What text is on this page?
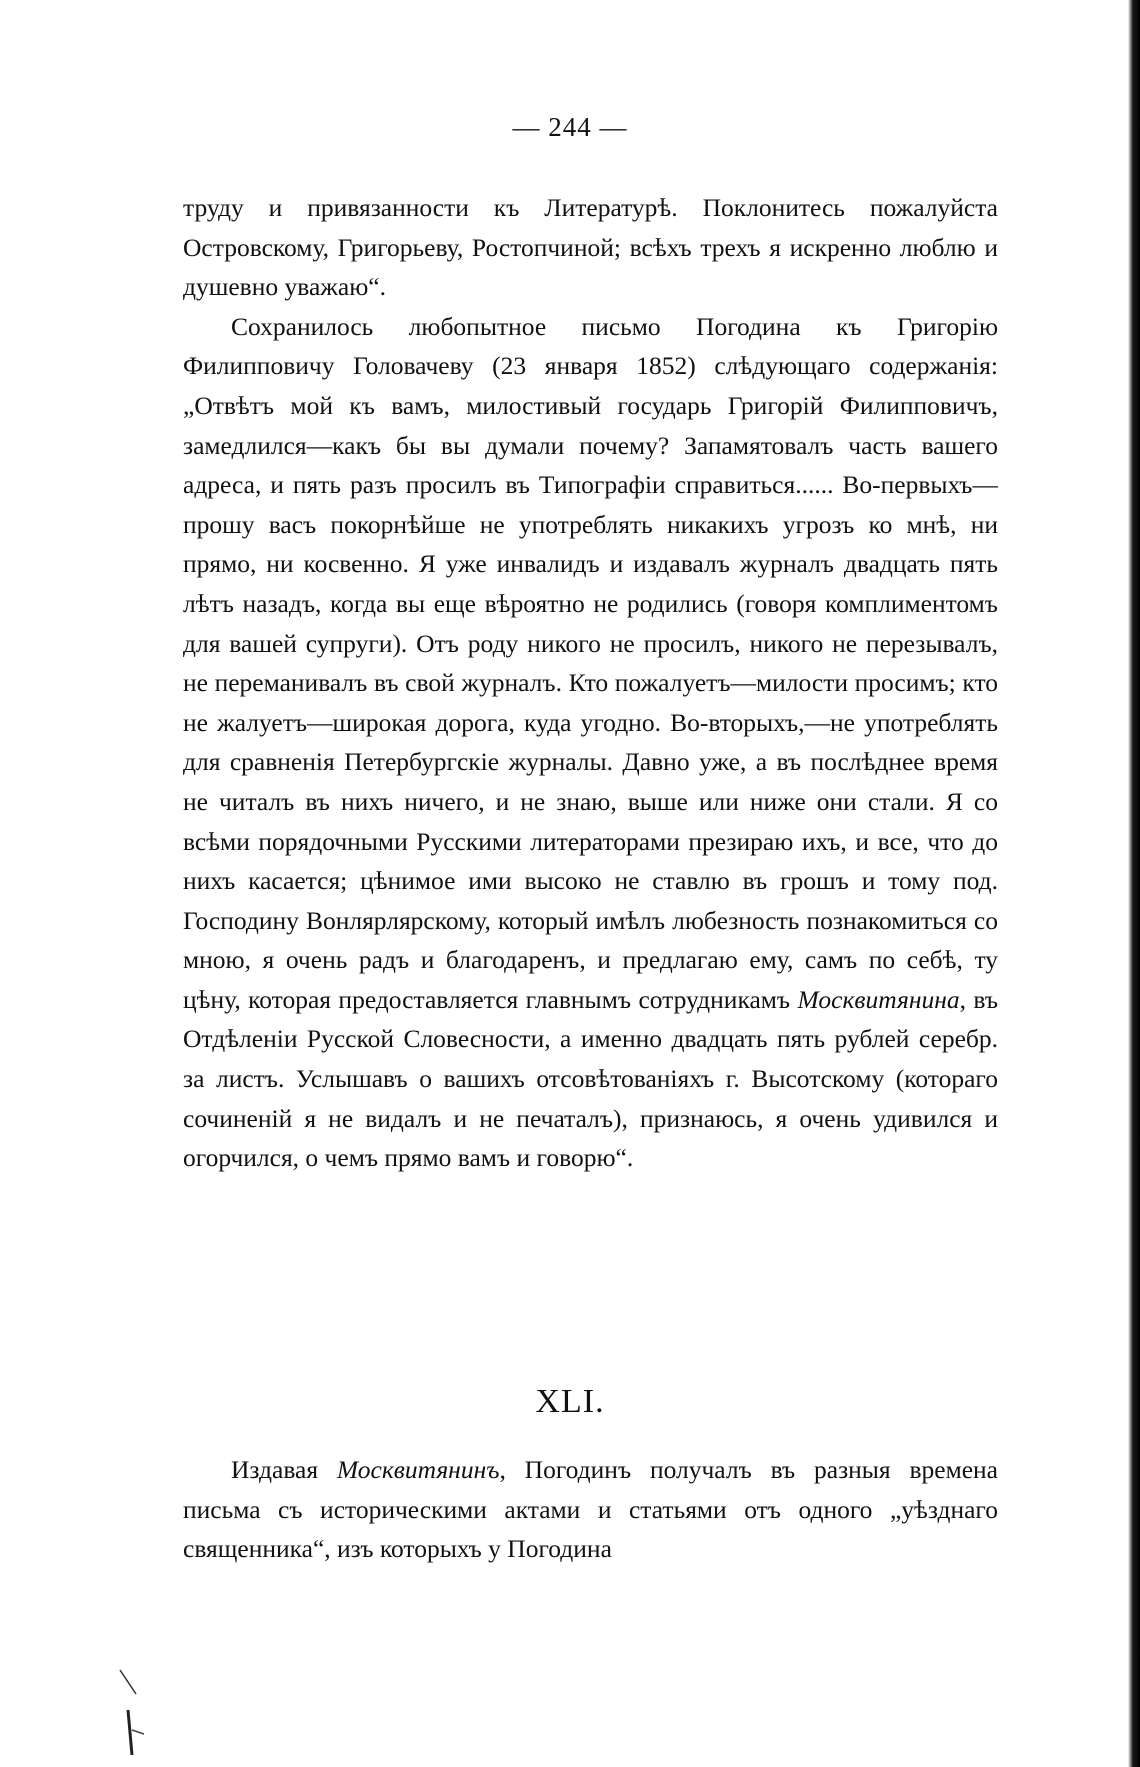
— 244 —

труду и привязанности къ Литературѣ. Поклонитесь пожалуйста Островскому, Григорьеву, Ростопчиной; всѣхъ трехъ я искренно люблю и душевно уважаю“.

Сохранилось любопытное письмо Погодина къ Григорію Филипповичу Головачеву (23 января 1852) слѣдующаго содержанія: „Отвѣтъ мой къ вамъ, милостивый государь Григорій Филипповичъ, замедлился—какъ бы вы думали почему? Запамятовалъ часть вашего адреса, и пять разъ просилъ въ Типографіи справиться...... Во-первыхъ—прошу васъ покорнѣйше не употреблять никакихъ угрозъ ко мнѣ, ни прямо, ни косвенно. Я уже инвалидъ и издавалъ журналъ двадцать пять лѣтъ назадъ, когда вы еще вѣроятно не родились (говоря комплиментомъ для вашей супруги). Отъ роду никого не просилъ, никого не перезывалъ, не переманивалъ въ свой журналъ. Кто пожалуетъ—милости просимъ; кто не жалуетъ—широкая дорога, куда угодно. Во-вторыхъ,—не употреблять для сравненія Петербургскіе журналы. Давно уже, а въ послѣднее время не читалъ въ нихъ ничего, и не знаю, выше или ниже они стали. Я со всѣми порядочными Русскими литераторами презираю ихъ, и все, что до нихъ касается; цѣнимое ими высоко не ставлю въ грошъ и тому под. Господину Вонлярлярскому, который имѣлъ любезность познакомиться со мною, я очень радъ и благодаренъ, и предлагаю ему, самъ по себѣ, ту цѣну, которая предоставляется главнымъ сотрудникамъ Москвитянина, въ Отдѣленіи Русской Словесности, а именно двадцать пять рублей серебр. за листъ. Услышавъ о вашихъ отсовѣтованіяхъ г. Высотскому (котораго сочиненій я не видалъ и не печаталъ), признаюсь, я очень удивился и огорчился, о чемъ прямо вамъ и говорю“.

XLI.

Издавая Москвитянинъ, Погодинъ получалъ въ разныя времена письма съ историческими актами и статьями отъ одного „уѣзднаго священника“, изъ которыхъ у Погодина
